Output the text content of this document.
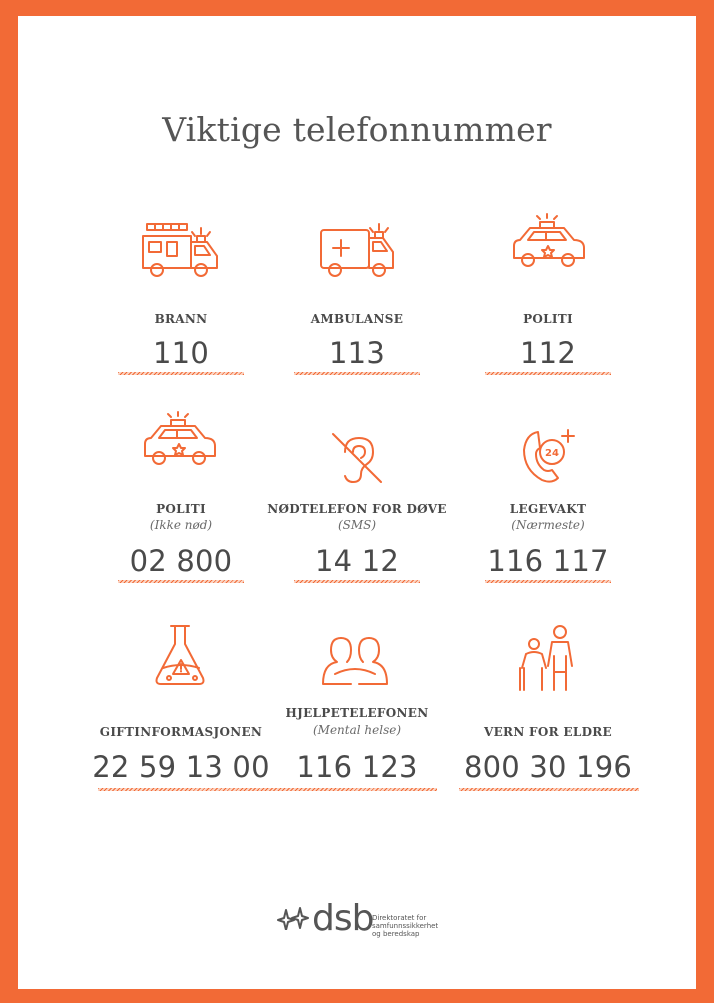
Viktige telefonnummer
BRANN
110
AMBULANSE
113
POLITI
112
POLITI
(Ikke nød)
02 800
NØDTELEFON FOR DØVE
(SMS)
14 12
24
LEGEVAKT
(Nærmeste)
116 117
GIFTINFORMASJONEN
22 59 13 00
HJELPETELEFONEN
(Mental helse)
116 123
VERN FOR ELDRE
800 30 196
dsb
Direktoratet for
samfunnssikkerhet
og beredskap
